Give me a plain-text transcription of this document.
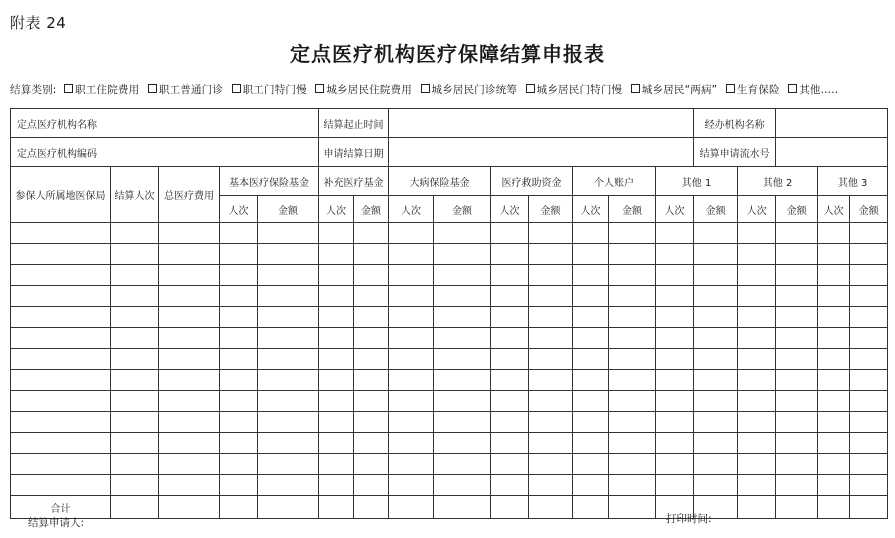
附表 24
定点医疗机构医疗保障结算申报表
结算类别: 职工住院费用 职工普通门诊 职工门特门慢 城乡居民住院费用 城乡居民门诊统筹 城乡居民门特门慢 城乡居民“两病” 生育保险 其他.....
定点医疗机构名称					结算起止时间									经办机构名称				
定点医疗机构编码					申请结算日期									结算申请流水号				
参保人所属地医保局	结算人次	总医疗费用	基本医疗保险基金		补充医疗基金		大病保险基金		医疗救助资金		个人账户		其他 1		其他 2		其他 3	
			人次	金额	人次	金额	人次	金额	人次	金额	人次	金额	人次	金额	人次	金额	人次	金额

合计																		
结算申请人:	打印时间:
